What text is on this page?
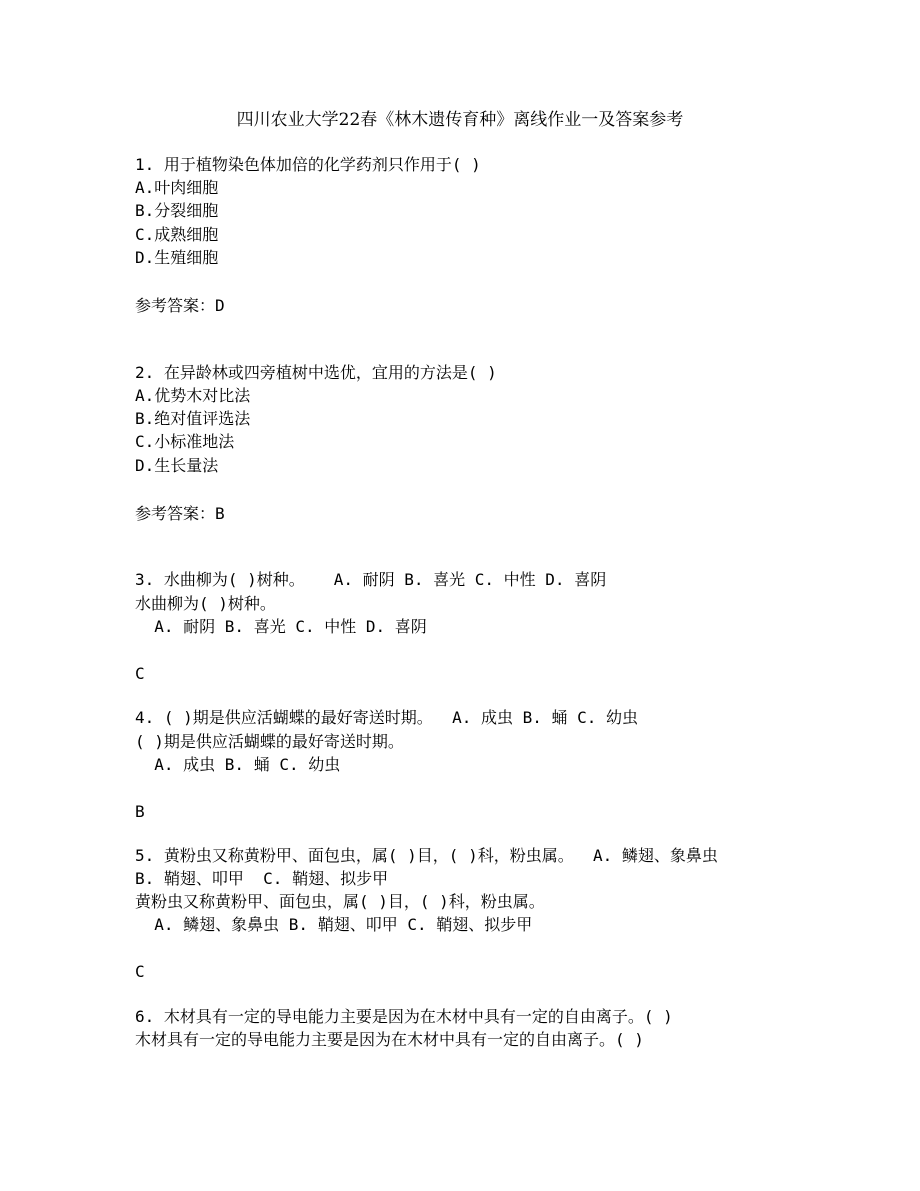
四川农业大学22春《林木遗传育种》离线作业一及答案参考
1. 用于植物染色体加倍的化学药剂只作用于( )
A.叶肉细胞
B.分裂细胞
C.成熟细胞
D.生殖细胞
参考答案：D
2. 在异龄林或四旁植树中选优，宜用的方法是( )
A.优势木对比法
B.绝对值评选法
C.小标准地法
D.生长量法
参考答案：B
3. 水曲柳为( )树种。   A. 耐阴 B. 喜光 C. 中性 D. 喜阴
水曲柳为( )树种。
A. 耐阴 B. 喜光 C. 中性 D. 喜阴
C
4. ( )期是供应活蝴蝶的最好寄送时期。  A. 成虫 B. 蛹 C. 幼虫
( )期是供应活蝴蝶的最好寄送时期。
A. 成虫 B. 蛹 C. 幼虫
B
5. 黄粉虫又称黄粉甲、面包虫，属( )目，( )科，粉虫属。  A. 鳞翅、象鼻虫
B. 鞘翅、叩甲  C. 鞘翅、拟步甲
黄粉虫又称黄粉甲、面包虫，属( )目，( )科，粉虫属。
A. 鳞翅、象鼻虫 B. 鞘翅、叩甲 C. 鞘翅、拟步甲
C
6. 木材具有一定的导电能力主要是因为在木材中具有一定的自由离子。( )
木材具有一定的导电能力主要是因为在木材中具有一定的自由离子。( )
